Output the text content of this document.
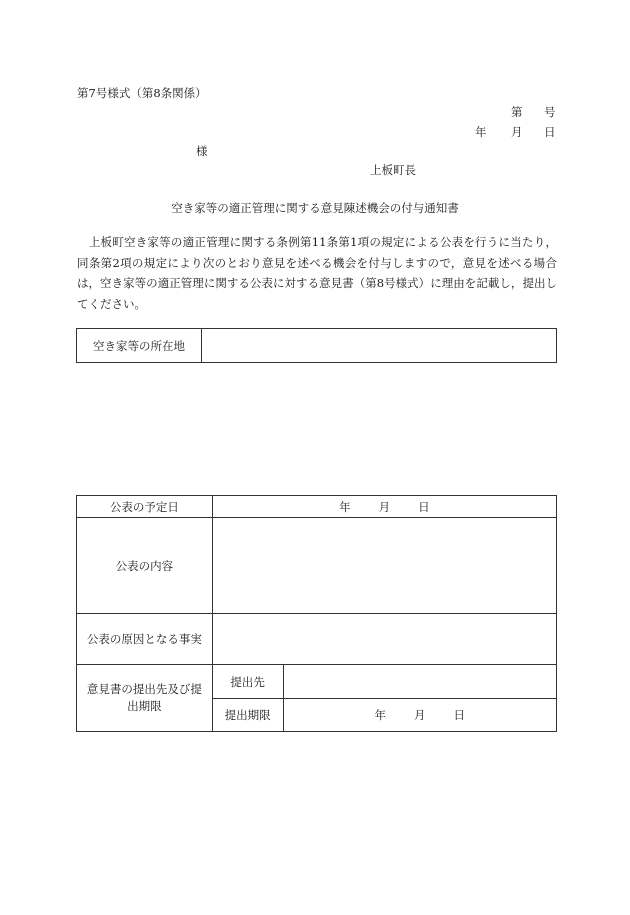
第7号様式（第8条関係）
第 号
年 月 日
様
上板町長
空き家等の適正管理に関する意見陳述機会の付与通知書
　上板町空き家等の適正管理に関する条例第11条第1項の規定による公表を行うに当たり，同条第2項の規定により次のとおり意見を述べる機会を付与しますので，意見を述べる場合は，空き家等の適正管理に関する公表に対する意見書（第8号様式）に理由を記載し，提出してください。
空き家等の所在地	
公表の予定日	年 月 日	
公表の内容		
公表の原因となる事実		
意見書の提出先及び提出期限	提出先	
	提出期限	年 月 日
